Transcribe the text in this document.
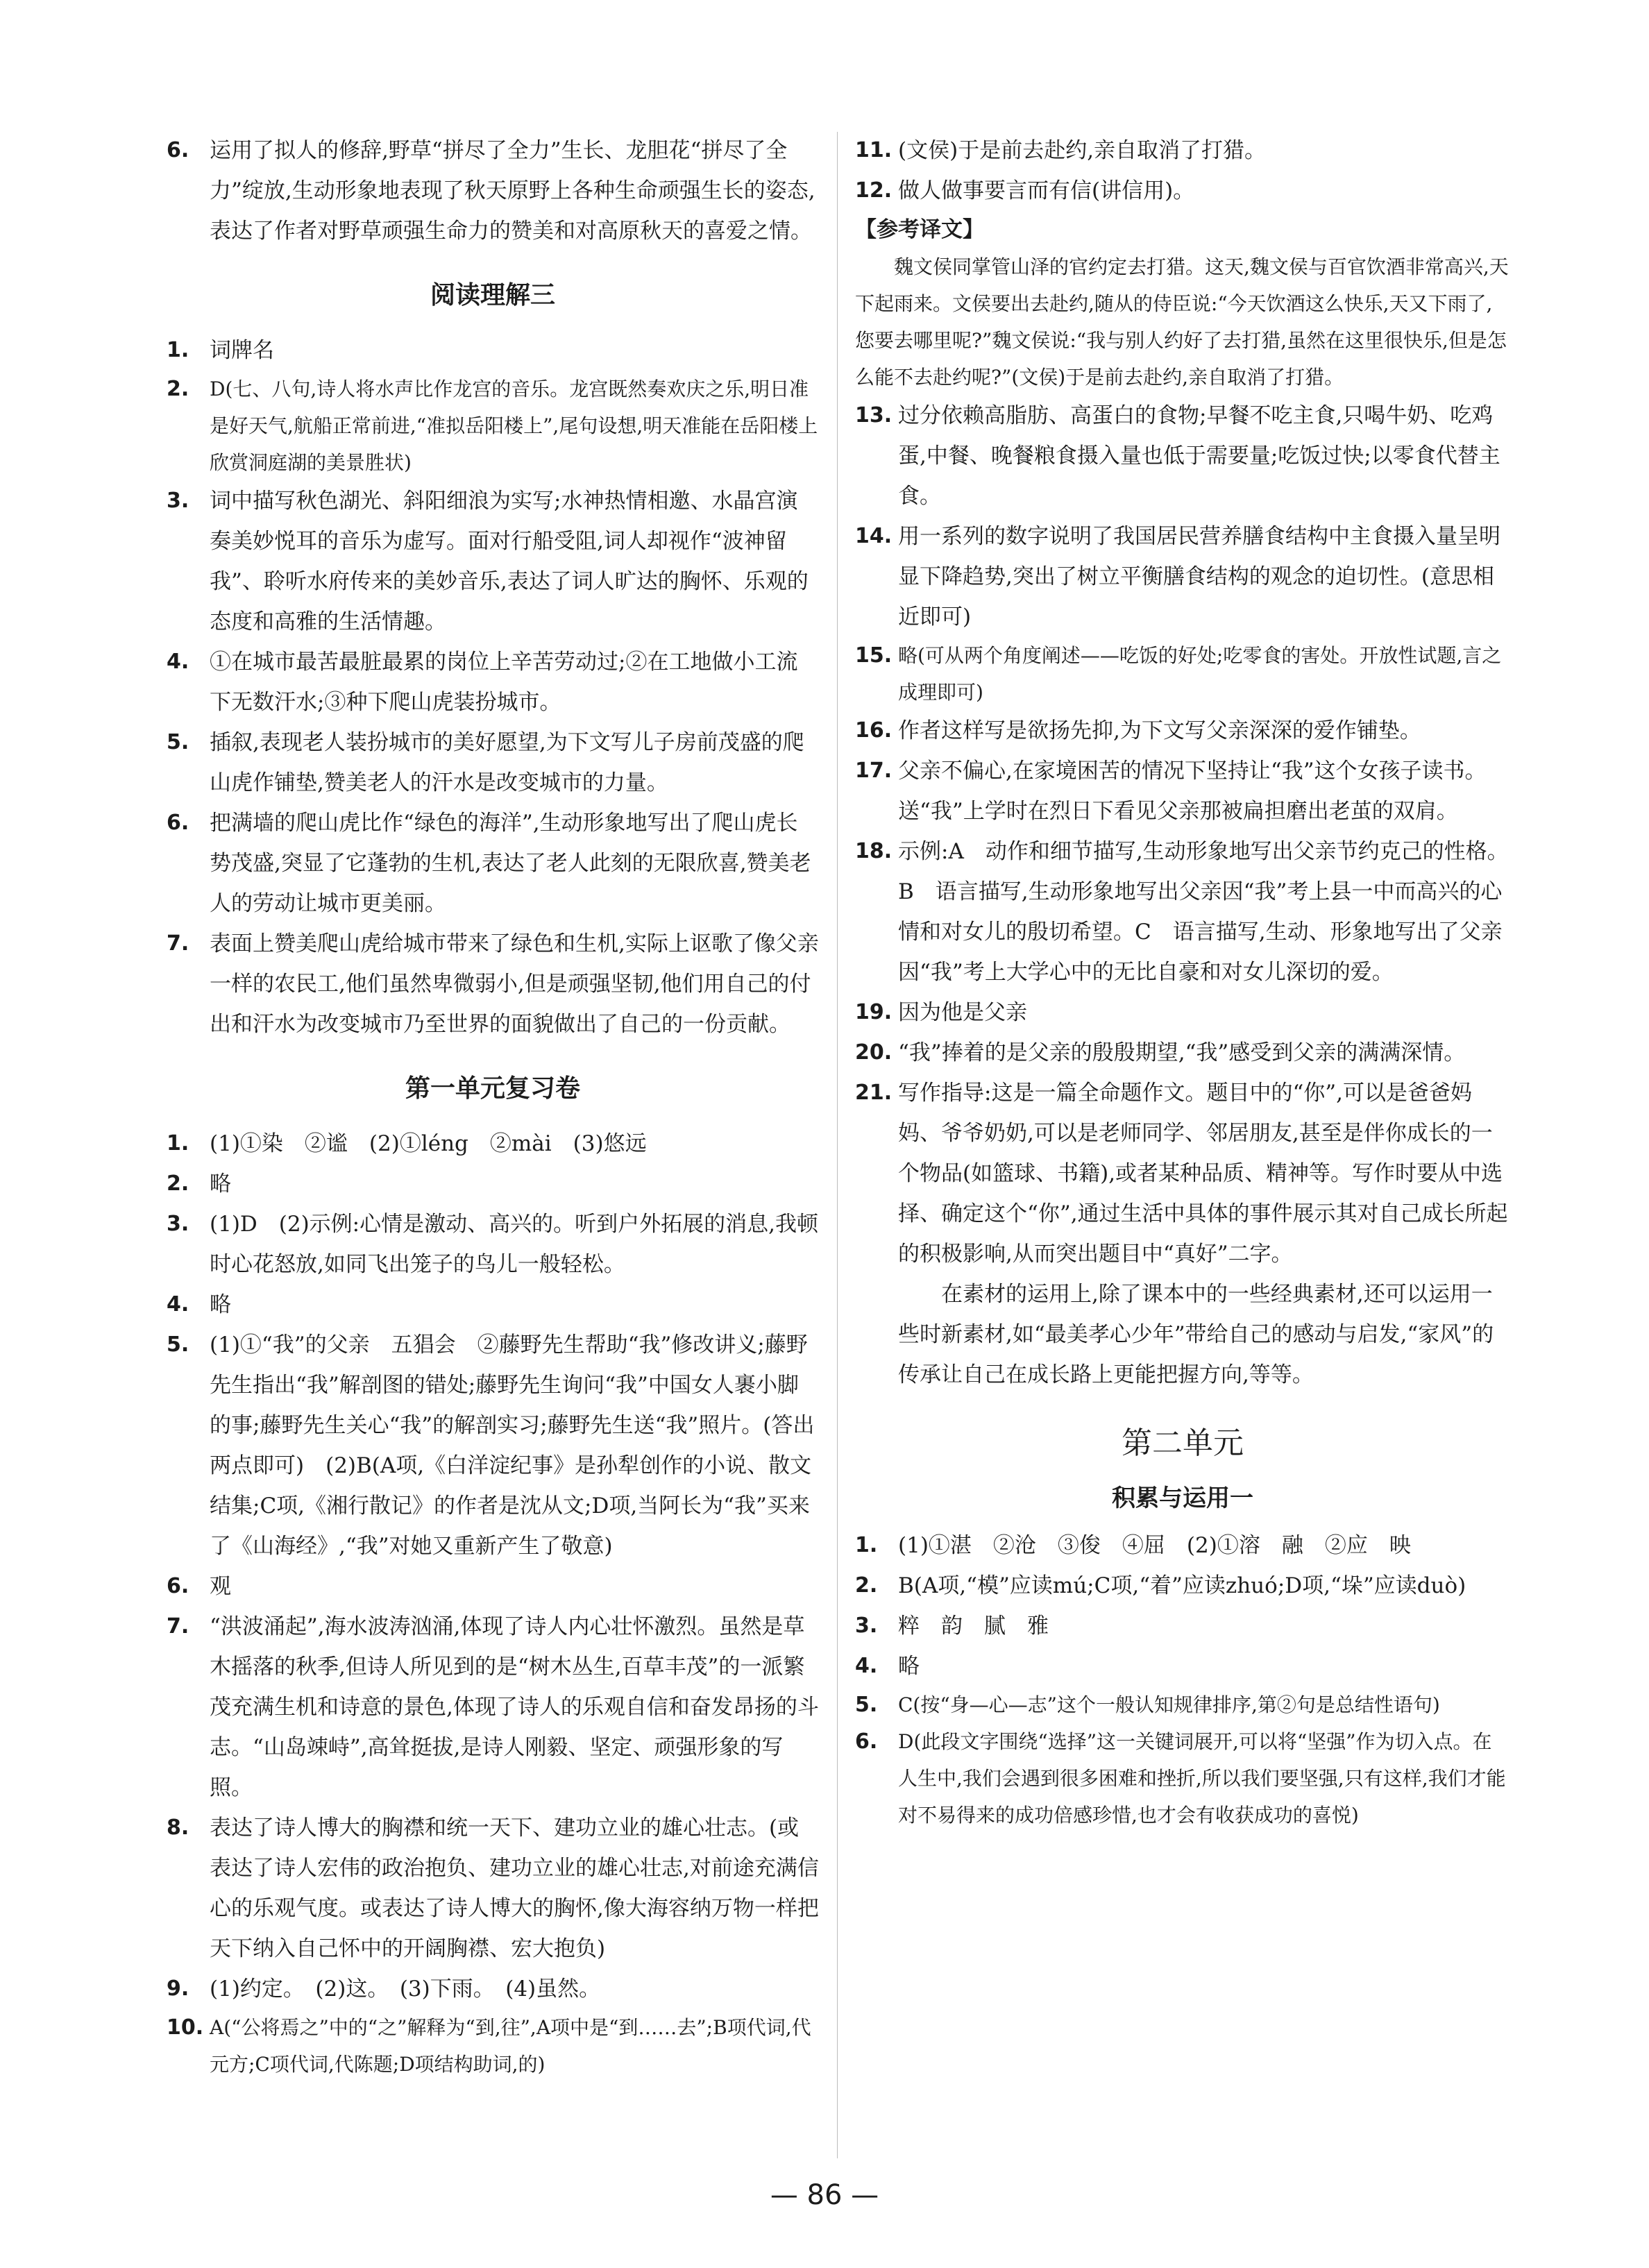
6. 运用了拟人的修辞,野草“拼尽了全力”生长、龙胆花“拼尽了全力”绽放,生动形象地表现了秋天原野上各种生命顽强生长的姿态,表达了作者对野草顽强生命力的赞美和对高原秋天的喜爱之情。

阅读理解三

1. 词牌名

2. D(七、八句,诗人将水声比作龙宫的音乐。龙宫既然奏欢庆之乐,明日准是好天气,航船正常前进,“准拟岳阳楼上”,尾句设想,明天准能在岳阳楼上欣赏洞庭湖的美景胜状)

3. 词中描写秋色湖光、斜阳细浪为实写;水神热情相邀、水晶宫演奏美妙悦耳的音乐为虚写。面对行船受阻,词人却视作“波神留我”、聆听水府传来的美妙音乐,表达了词人旷达的胸怀、乐观的态度和高雅的生活情趣。

4. ①在城市最苦最脏最累的岗位上辛苦劳动过;②在工地做小工流下无数汗水;③种下爬山虎装扮城市。

5. 插叙,表现老人装扮城市的美好愿望,为下文写儿子房前茂盛的爬山虎作铺垫,赞美老人的汗水是改变城市的力量。

6. 把满墙的爬山虎比作“绿色的海洋”,生动形象地写出了爬山虎长势茂盛,突显了它蓬勃的生机,表达了老人此刻的无限欣喜,赞美老人的劳动让城市更美丽。

7. 表面上赞美爬山虎给城市带来了绿色和生机,实际上讴歌了像父亲一样的农民工,他们虽然卑微弱小,但是顽强坚韧,他们用自己的付出和汗水为改变城市乃至世界的面貌做出了自己的一份贡献。

第一单元复习卷

1. (1)①染　②谧　(2)①léng　②mài　(3)悠远

2. 略

3. (1)D　(2)示例:心情是激动、高兴的。听到户外拓展的消息,我顿时心花怒放,如同飞出笼子的鸟儿一般轻松。

4. 略

5. (1)①“我”的父亲　五猖会　②藤野先生帮助“我”修改讲义;藤野先生指出“我”解剖图的错处;藤野先生询问“我”中国女人裹小脚的事;藤野先生关心“我”的解剖实习;藤野先生送“我”照片。(答出两点即可)　(2)B(A项,《白洋淀纪事》是孙犁创作的小说、散文结集;C项,《湘行散记》的作者是沈从文;D项,当阿长为“我”买来了《山海经》,“我”对她又重新产生了敬意)

6. 观

7. “洪波涌起”,海水波涛汹涌,体现了诗人内心壮怀激烈。虽然是草木摇落的秋季,但诗人所见到的是“树木丛生,百草丰茂”的一派繁茂充满生机和诗意的景色,体现了诗人的乐观自信和奋发昂扬的斗志。“山岛竦峙”,高耸挺拔,是诗人刚毅、坚定、顽强形象的写照。

8. 表达了诗人博大的胸襟和统一天下、建功立业的雄心壮志。(或表达了诗人宏伟的政治抱负、建功立业的雄心壮志,对前途充满信心的乐观气度。或表达了诗人博大的胸怀,像大海容纳万物一样把天下纳入自己怀中的开阔胸襟、宏大抱负)

9. (1)约定。　(2)这。　(3)下雨。　(4)虽然。

10. A(“公将焉之”中的“之”解释为“到,往”,A项中是“到……去”;B项代词,代元方;C项代词,代陈题;D项结构助词,的)

11. (文侯)于是前去赴约,亲自取消了打猎。

12. 做人做事要言而有信(讲信用)。

【参考译文】

魏文侯同掌管山泽的官约定去打猎。这天,魏文侯与百官饮酒非常高兴,天下起雨来。文侯要出去赴约,随从的侍臣说:“今天饮酒这么快乐,天又下雨了,您要去哪里呢?”魏文侯说:“我与别人约好了去打猎,虽然在这里很快乐,但是怎么能不去赴约呢?”(文侯)于是前去赴约,亲自取消了打猎。

13. 过分依赖高脂肪、高蛋白的食物;早餐不吃主食,只喝牛奶、吃鸡蛋,中餐、晚餐粮食摄入量也低于需要量;吃饭过快;以零食代替主食。

14. 用一系列的数字说明了我国居民营养膳食结构中主食摄入量呈明显下降趋势,突出了树立平衡膳食结构的观念的迫切性。(意思相近即可)

15. 略(可从两个角度阐述——吃饭的好处;吃零食的害处。开放性试题,言之成理即可)

16. 作者这样写是欲扬先抑,为下文写父亲深深的爱作铺垫。

17. 父亲不偏心,在家境困苦的情况下坚持让“我”这个女孩子读书。　送“我”上学时在烈日下看见父亲那被扁担磨出老茧的双肩。

18. 示例:A　动作和细节描写,生动形象地写出父亲节约克己的性格。B　语言描写,生动形象地写出父亲因“我”考上县一中而高兴的心情和对女儿的殷切希望。C　语言描写,生动、形象地写出了父亲因“我”考上大学心中的无比自豪和对女儿深切的爱。

19. 因为他是父亲

20. “我”捧着的是父亲的殷殷期望,“我”感受到父亲的满满深情。

21. 写作指导:这是一篇全命题作文。题目中的“你”,可以是爸爸妈妈、爷爷奶奶,可以是老师同学、邻居朋友,甚至是伴你成长的一个物品(如篮球、书籍),或者某种品质、精神等。写作时要从中选择、确定这个“你”,通过生活中具体的事件展示其对自己成长所起的积极影响,从而突出题目中“真好”二字。

在素材的运用上,除了课本中的一些经典素材,还可以运用一些时新素材,如“最美孝心少年”带给自己的感动与启发,“家风”的传承让自己在成长路上更能把握方向,等等。

第二单元
积累与运用一

1. (1)①湛　②沧　③俊　④屈　(2)①溶　融　②应　映

2. B(A项,“模”应读mú;C项,“着”应读zhuó;D项,“垛”应读duò)

3. 粹　韵　腻　雅

4. 略

5. C(按“身—心—志”这个一般认知规律排序,第②句是总结性语句)

6. D(此段文字围绕“选择”这一关键词展开,可以将“坚强”作为切入点。在人生中,我们会遇到很多困难和挫折,所以我们要坚强,只有这样,我们才能对不易得来的成功倍感珍惜,也才会有收获成功的喜悦)

— 86 —
